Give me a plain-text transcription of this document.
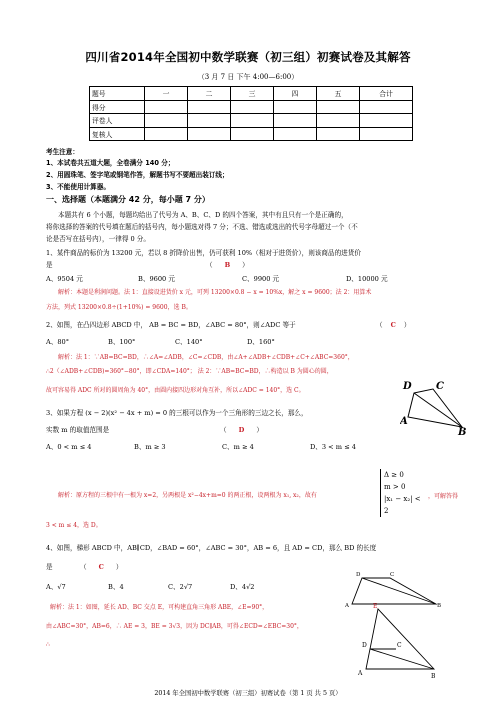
四川省2014年全国初中数学联赛（初三组）初赛试卷及其解答
（3 月 7 日 下午 4:00—6:00）
题号	一	二	三	四	五	合计
得分						
评卷人						
复核人						
考生注意：
1、本试卷共五道大题，全卷满分 140 分；
2、用圆珠笔、签字笔或钢笔作答，解题书写不要超出装订线；
3、不能使用计算器。
一、选择题（本题满分 42 分，每小题 7 分）
本题共有 6 个小题，每题均给出了代号为 A、B、C、D 的四个答案，其中有且只有一个是正确的，
将你选择的答案的代号填在题后的括号内，每小题选对得 7 分；不选、错选或选出的代号字母超过一个（不
论是否写在括号内），一律得 0 分。
1、某件商品的标价为 13200 元，若以 8 折降价出售，仍可获利 10%（相对于进货价），则该商品的进货价
是	（ B ）
A、9504 元	B、9600 元	C、9900 元	D、10000 元
解析：本题是利润问题。法 1：直接设进货价 x 元，可列 13200×0.8 − x = 10%x，解之 x = 9600；法 2：用算术
方法，列式 13200×0.8÷(1+10%) = 9600，选 B。
2、如图，在凸四边形 ABCD 中， AB = BC = BD，∠ABC = 80°，则∠ADC 等于	（ C ）
A、80°	B、100°	C、140°	D、160°
解析：法 1：∵AB=BC=BD，∴∠A=∠ADB，∠C=∠CDB，由∠A+∠ADB+∠CDB+∠C+∠ABC=360°，
∴2（∠ADB+∠CDB)=360°−80°，即∠CDA=140°； 法 2：∵AB=BC=BD，∴构造以 B 为圆心的圆，
故可容易得 ADC 所对的圆周角为 40°，由圆内接四边形对角互补，所以∠ADC = 140°，选 C。	D C
A
B
3、如果方程 (x − 2)(x² − 4x + m) = 0 的三根可以作为一个三角形的三边之长，那么，
实数 m 的取值范围是	（ D ）
A、0 < m ≤ 4	B、m ≥ 3	C、m ≥ 4	D、3 < m ≤ 4
解析：原方程的三根中有一根为 x=2，另两根是 x²−4x+m=0 的两正根，设两根为 x₁, x₂，故有
Δ ≥ 0
m > 0
|x₁ − x₂| < 2
，可解答得
3 < m ≤ 4，选 D。
4、如图，梯形 ABCD 中，AB∥CD，∠BAD = 60°，∠ABC = 30°，AB = 6，且 AD = CD，那么 BD 的长度
是	（ C ）
A、√7	B、4	C、2√7	D、4√2
解析：法 1：如图，延长 AD、BC 交点 E，可构建直角三角形 ABE，∠E=90°，
由∠ABC=30°，AB=6，∴ AE = 3，BE = 3√3，因为 DC∥AB，可得∠ECD=∠EBC=30°，
∴
D	C
A	B
E
D	C
A	B
2014 年全国初中数学联赛（初三组）初赛试卷（第 1 页 共 5 页）
